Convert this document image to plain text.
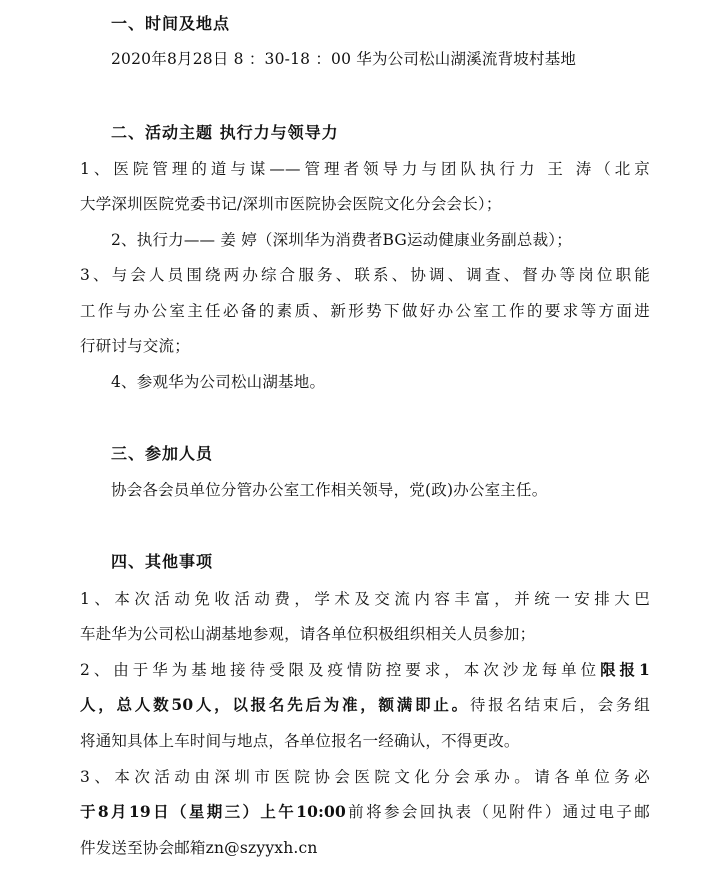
一、时间及地点
2020年8月28日 8 ：30-18 ：00 华为公司松山湖溪流背坡村基地
二、活动主题 执行力与领导力
1、医院管理的道与谋——管理者领导力与团队执行力 王 涛（北京
大学深圳医院党委书记/深圳市医院协会医院文化分会会长）；
2、执行力—— 姜 婷（深圳华为消费者BG运动健康业务副总裁）；
3、与会人员围绕两办综合服务、联系、协调、调查、督办等岗位职能
工作与办公室主任必备的素质、新形势下做好办公室工作的要求等方面进
行研讨与交流；
4、参观华为公司松山湖基地。
三、参加人员
协会各会员单位分管办公室工作相关领导，党(政)办公室主任。
四、其他事项
1、本次活动免收活动费，学术及交流内容丰富，并统一安排大巴
车赴华为公司松山湖基地参观，请各单位积极组织相关人员参加；
2、由于华为基地接待受限及疫情防控要求，本次沙龙每单位限报1
人，总人数50人，以报名先后为准，额满即止。待报名结束后，会务组
将通知具体上车时间与地点，各单位报名一经确认，不得更改。
3、本次活动由深圳市医院协会医院文化分会承办。请各单位务必
于8月19日（星期三）上午10:00前将参会回执表（见附件）通过电子邮
件发送至协会邮箱zn@szyyxh.cn
